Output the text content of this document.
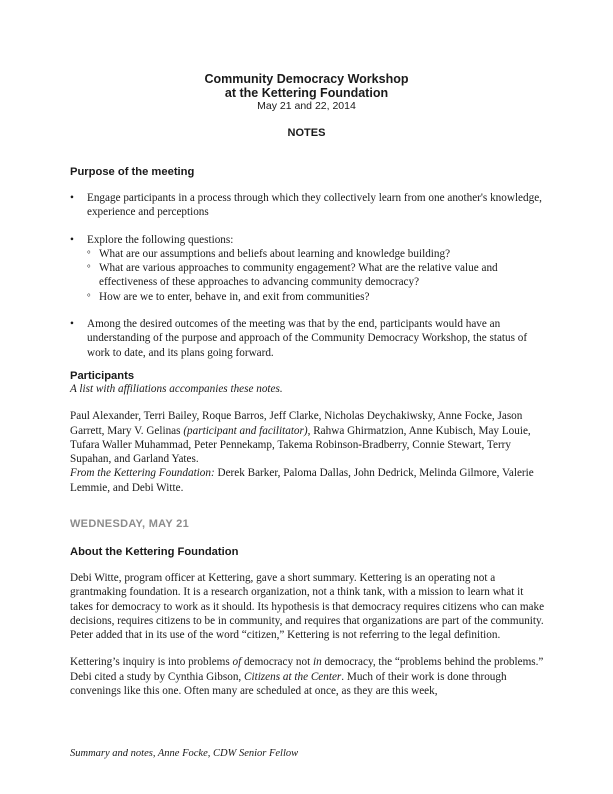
Community Democracy Workshop
at the Kettering Foundation
May 21 and 22, 2014
NOTES
Purpose of the meeting
•	Engage participants in a process through which they collectively learn from one another's knowledge, experience and perceptions
•	Explore the following questions:
° What are our assumptions and beliefs about learning and knowledge building?
° What are various approaches to community engagement? What are the relative value and effectiveness of these approaches to advancing community democracy?
° How are we to enter, behave in, and exit from communities?
•	Among the desired outcomes of the meeting was that by the end, participants would have an understanding of the purpose and approach of the Community Democracy Workshop, the status of work to date, and its plans going forward.
Participants
A list with affiliations accompanies these notes.
Paul Alexander, Terri Bailey, Roque Barros, Jeff Clarke, Nicholas Deychakiwsky, Anne Focke, Jason Garrett, Mary V. Gelinas (participant and facilitator), Rahwa Ghirmatzion, Anne Kubisch, May Louie, Tufara Waller Muhammad, Peter Pennekamp, Takema Robinson-Bradberry, Connie Stewart, Terry Supahan, and Garland Yates.
From the Kettering Foundation: Derek Barker, Paloma Dallas, John Dedrick, Melinda Gilmore, Valerie Lemmie, and Debi Witte.
WEDNESDAY, MAY 21
About the Kettering Foundation
Debi Witte, program officer at Kettering, gave a short summary. Kettering is an operating not a grantmaking foundation. It is a research organization, not a think tank, with a mission to learn what it takes for democracy to work as it should. Its hypothesis is that democracy requires citizens who can make decisions, requires citizens to be in community, and requires that organizations are part of the community. Peter added that in its use of the word “citizen,” Kettering is not referring to the legal definition.
Kettering’s inquiry is into problems of democracy not in democracy, the “problems behind the problems.” Debi cited a study by Cynthia Gibson, Citizens at the Center. Much of their work is done through convenings like this one. Often many are scheduled at once, as they are this week,
Summary and notes, Anne Focke, CDW Senior Fellow
